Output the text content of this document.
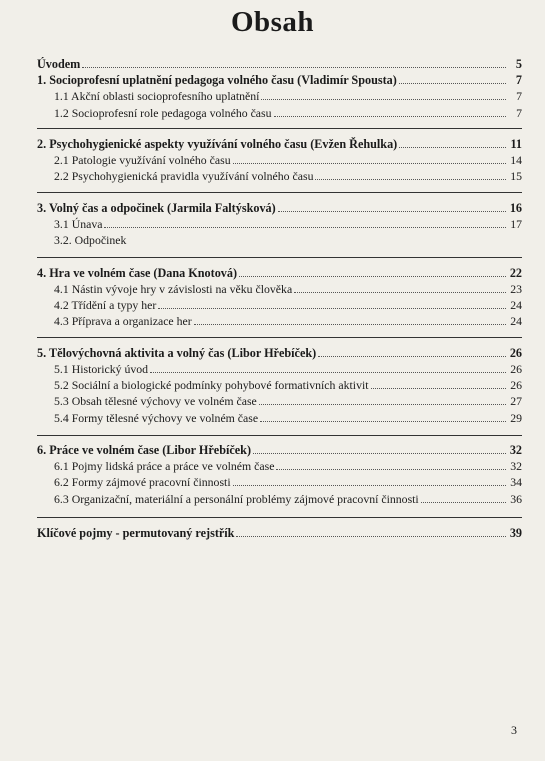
Obsah
Úvodem	5
1. Socioprofesní uplatnění pedagoga volného času (Vladimír Spousta)	7
1.1 Akční oblasti socioprofesního uplatnění	7
1.2 Socioprofesní role pedagoga volného času	7
2. Psychohygienické aspekty využívání volného času (Evžen Řehulka)	11
2.1 Patologie využívání volného času	14
2.2 Psychohygienická pravidla využívání volného času	15
3. Volný čas a odpočinek (Jarmila Faltýsková)	16
3.1 Únava	17
3.2. Odpočinek
4. Hra ve volném čase (Dana Knotová)	22
4.1 Nástin vývoje hry v závislosti na věku člověka	23
4.2 Třídění a typy her	24
4.3 Příprava a organizace her	24
5. Tělovýchovná aktivita a volný čas (Libor Hřebíček)	26
5.1 Historický úvod	26
5.2 Sociální a biologické podmínky pohybové formativních aktivit	26
5.3 Obsah tělesné výchovy ve volném čase	27
5.4 Formy tělesné výchovy ve volném čase	29
6. Práce ve volném čase (Libor Hřebíček)	32
6.1 Pojmy lidská práce a práce ve volném čase	32
6.2 Formy zájmové pracovní činnosti	34
6.3 Organizační, materiální a personální problémy zájmové pracovní činnosti	36
Klíčové pojmy - permutovaný rejstřík	39
3
